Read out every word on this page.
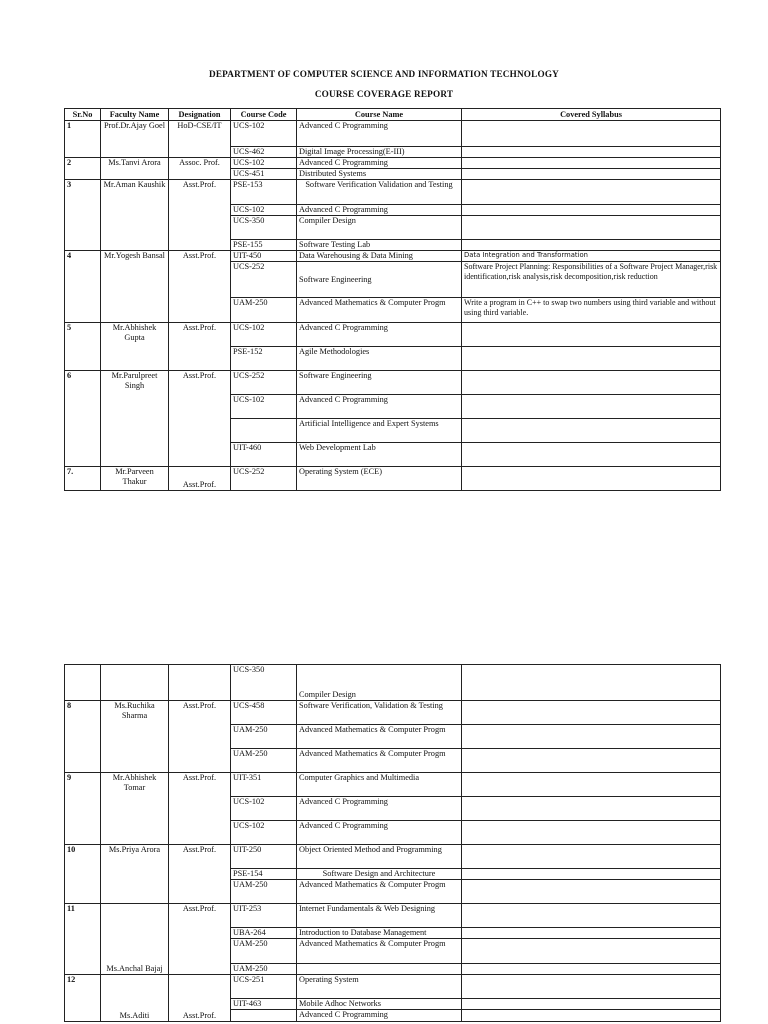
DEPARTMENT OF COMPUTER SCIENCE AND INFORMATION TECHNOLOGY
COURSE COVERAGE REPORT
Sr.No	Faculty Name	Designation	Course Code	Course Name	Covered Syllabus
1	Prof.Dr.Ajay Goel	HoD-CSE/IT	UCS-102	Advanced C Programming	
			UCS-462	Digital Image Processing(E-III)	
2	Ms.Tanvi Arora	Assoc. Prof.	UCS-102	Advanced C Programming	
			UCS-451	Distributed Systems	
3	Mr.Aman Kaushik	Asst.Prof.	PSE-153	Software Verification Validation and Testing	
			UCS-102	Advanced C Programming	
			UCS-350	Compiler Design	
			PSE-155	Software Testing Lab	
4	Mr.Yogesh Bansal	Asst.Prof.	UIT-450	Data Warehousing & Data Mining	Data Integration and Transformation
			UCS-252	Software Engineering	Software Project Planning: Responsibilities of a Software Project Manager,risk identification,risk analysis,risk decomposition,risk reduction
			UAM-250	Advanced Mathematics & Computer Progm	Write a program in C++ to swap two numbers using third variable and without using third variable.
5	Mr.Abhishek Gupta	Asst.Prof.	UCS-102	Advanced C Programming	
			PSE-152	Agile Methodologies	
6	Mr.Parulpreet Singh	Asst.Prof.	UCS-252	Software Engineering	
			UCS-102	Advanced C Programming	
				Artificial Intelligence and Expert Systems	
			UIT-460	Web Development Lab	
7.	Mr.Parveen Thakur	Asst.Prof.	UCS-252	Operating System (ECE)	
			UCS-350	Compiler Design	
8	Ms.Ruchika Sharma	Asst.Prof.	UCS-458	Software Verification, Validation & Testing	
			UAM-250	Advanced Mathematics & Computer Progm	
			UAM-250	Advanced Mathematics & Computer Progm	
9	Mr.Abhishek Tomar	Asst.Prof.	UIT-351	Computer Graphics and Multimedia	
			UCS-102	Advanced C Programming	
			UCS-102	Advanced C Programming	
10	Ms.Priya Arora	Asst.Prof.	UIT-250	Object Oriented Method and Programming	
			PSE-154	Software Design and Architecture	
			UAM-250	Advanced Mathematics & Computer Progm	
11	Ms.Anchal Bajaj	Asst.Prof.	UIT-253	Internet Fundamentals & Web Designing	
			UBA-264	Introduction to Database Management	
			UAM-250	Advanced Mathematics & Computer Progm	
			UAM-250		
12	Ms.Aditi	Asst.Prof.	UCS-251	Operating System	
			UIT-463	Mobile Adhoc Networks	
				Advanced C Programming	
